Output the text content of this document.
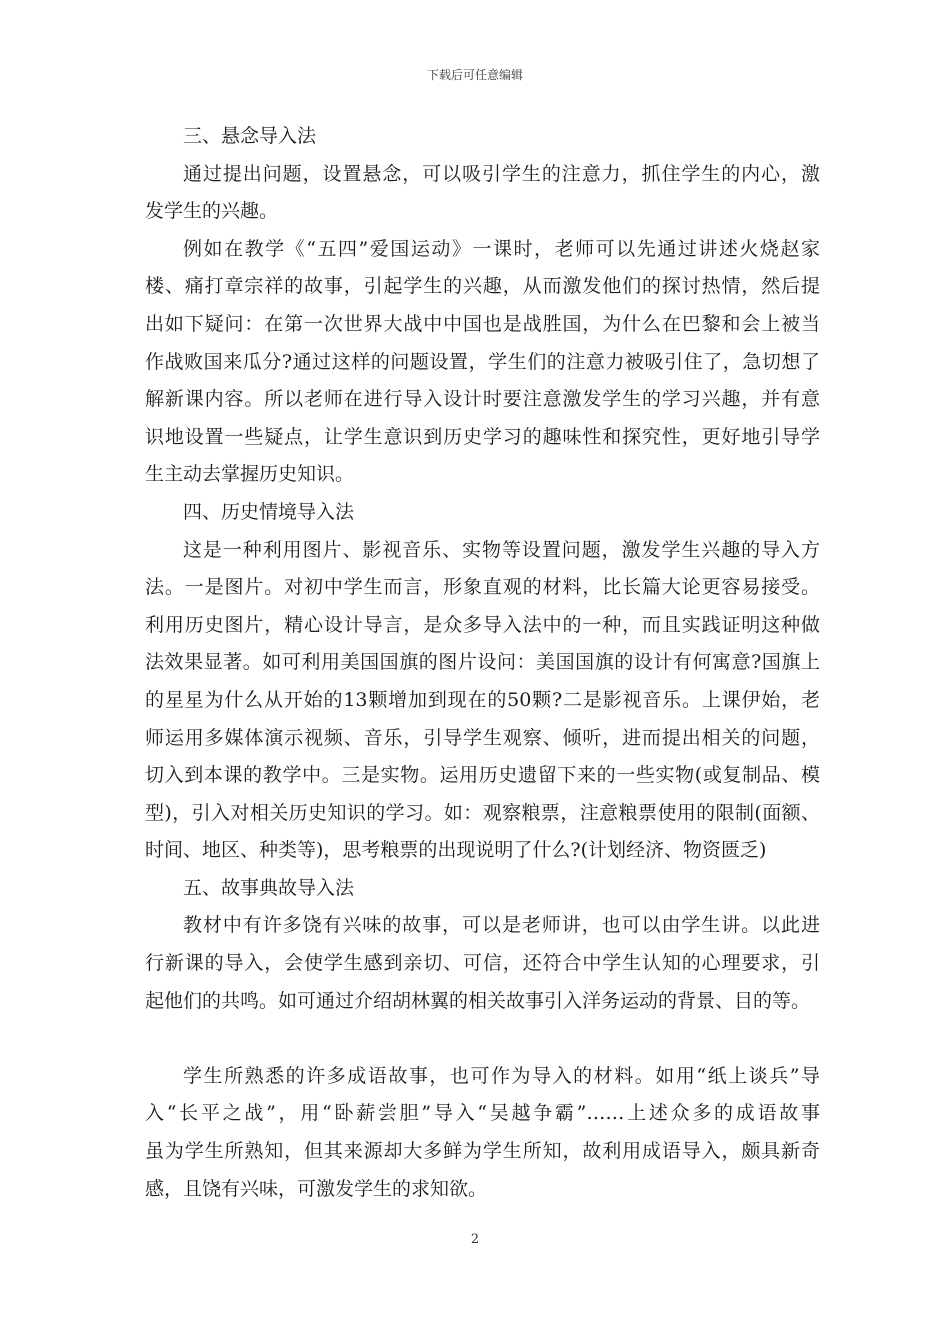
下载后可任意编辑
三、悬念导入法
通过提出问题，设置悬念，可以吸引学生的注意力，抓住学生的内心，激
发学生的兴趣。
例如在教学《“五四”爱国运动》一课时，老师可以先通过讲述火烧赵家
楼、痛打章宗祥的故事，引起学生的兴趣，从而激发他们的探讨热情，然后提
出如下疑问：在第一次世界大战中中国也是战胜国，为什么在巴黎和会上被当
作战败国来瓜分?通过这样的问题设置，学生们的注意力被吸引住了，急切想了
解新课内容。所以老师在进行导入设计时要注意激发学生的学习兴趣，并有意
识地设置一些疑点，让学生意识到历史学习的趣味性和探究性，更好地引导学
生主动去掌握历史知识。
四、历史情境导入法
这是一种利用图片、影视音乐、实物等设置问题，激发学生兴趣的导入方
法。一是图片。对初中学生而言，形象直观的材料，比长篇大论更容易接受。
利用历史图片，精心设计导言，是众多导入法中的一种，而且实践证明这种做
法效果显著。如可利用美国国旗的图片设问：美国国旗的设计有何寓意?国旗上
的星星为什么从开始的13颗增加到现在的50颗?二是影视音乐。上课伊始，老
师运用多媒体演示视频、音乐，引导学生观察、倾听，进而提出相关的问题，
切入到本课的教学中。三是实物。运用历史遗留下来的一些实物(或复制品、模
型)，引入对相关历史知识的学习。如：观察粮票，注意粮票使用的限制(面额、
时间、地区、种类等)，思考粮票的出现说明了什么?(计划经济、物资匮乏)
五、故事典故导入法
教材中有许多饶有兴味的故事，可以是老师讲，也可以由学生讲。以此进
行新课的导入，会使学生感到亲切、可信，还符合中学生认知的心理要求，引
起他们的共鸣。如可通过介绍胡林翼的相关故事引入洋务运动的背景、目的等。
学生所熟悉的许多成语故事，也可作为导入的材料。如用“纸上谈兵”导
入“长平之战”，用“卧薪尝胆”导入“吴越争霸”……上述众多的成语故事
虽为学生所熟知，但其来源却大多鲜为学生所知，故利用成语导入，颇具新奇
感，且饶有兴味，可激发学生的求知欲。
2
